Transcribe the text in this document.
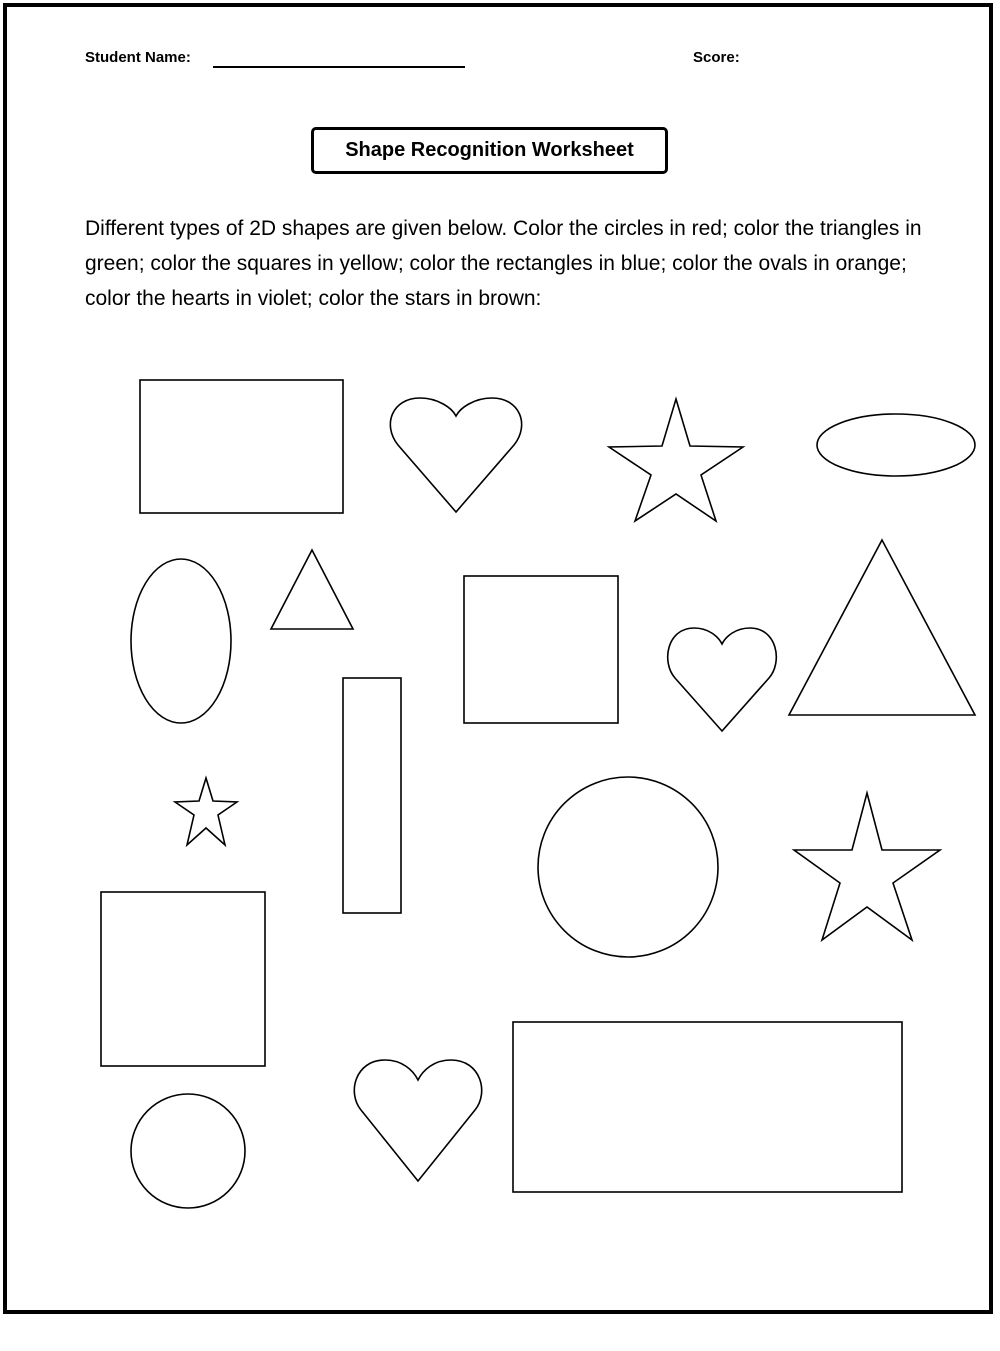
Student Name:	Score:
Shape Recognition Worksheet

Different types of 2D shapes are given below. Color the circles in red; color the triangles in green; color the squares in yellow; color the rectangles in blue; color the ovals in orange; color the hearts in violet; color the stars in brown:
